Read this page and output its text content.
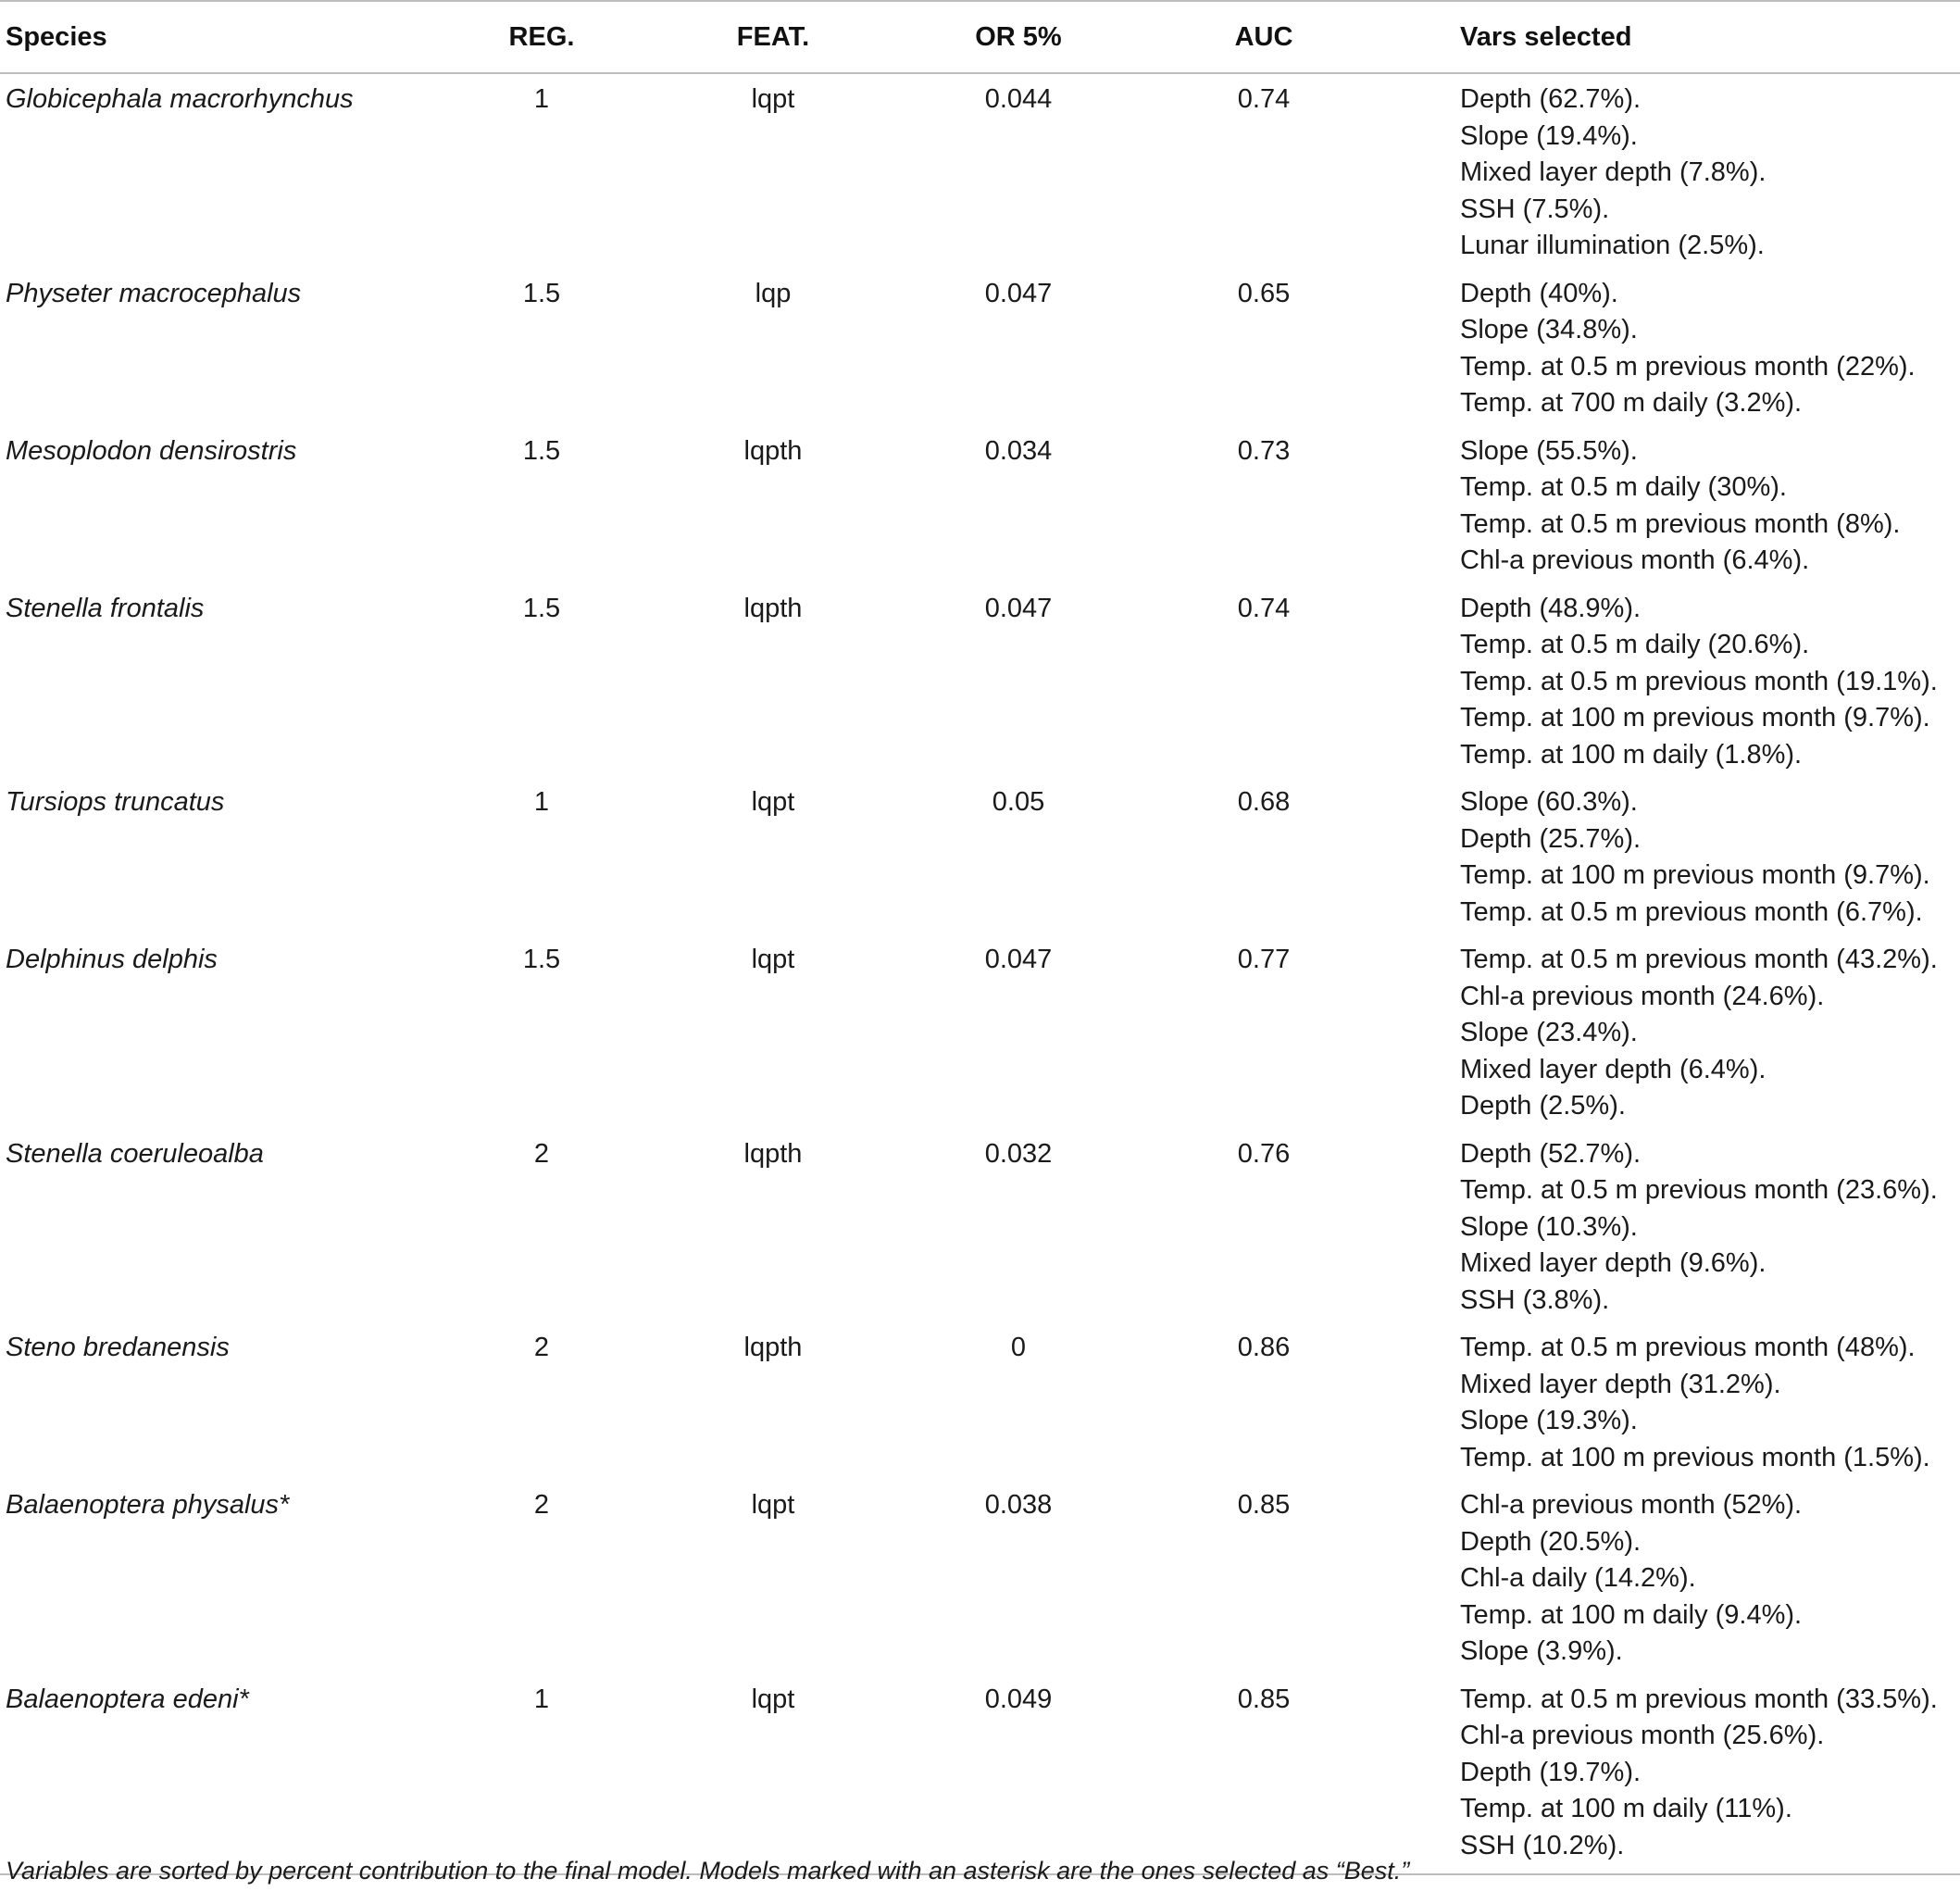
Species	REG.	FEAT.	OR 5%	AUC	Vars selected
Globicephala macrorhynchus	1	lqpt	0.044	0.74	Depth (62.7%).
Slope (19.4%).
Mixed layer depth (7.8%).
SSH (7.5%).
Lunar illumination (2.5%).

Physeter macrocephalus	1.5	lqp	0.047	0.65	Depth (40%).
Slope (34.8%).
Temp. at 0.5 m previous month (22%).
Temp. at 700 m daily (3.2%).

Mesoplodon densirostris	1.5	lqpth	0.034	0.73	Slope (55.5%).
Temp. at 0.5 m daily (30%).
Temp. at 0.5 m previous month (8%).
Chl-a previous month (6.4%).

Stenella frontalis	1.5	lqpth	0.047	0.74	Depth (48.9%).
Temp. at 0.5 m daily (20.6%).
Temp. at 0.5 m previous month (19.1%).
Temp. at 100 m previous month (9.7%).
Temp. at 100 m daily (1.8%).

Tursiops truncatus	1	lqpt	0.05	0.68	Slope (60.3%).
Depth (25.7%).
Temp. at 100 m previous month (9.7%).
Temp. at 0.5 m previous month (6.7%).

Delphinus delphis	1.5	lqpt	0.047	0.77	Temp. at 0.5 m previous month (43.2%).
Chl-a previous month (24.6%).
Slope (23.4%).
Mixed layer depth (6.4%).
Depth (2.5%).

Stenella coeruleoalba	2	lqpth	0.032	0.76	Depth (52.7%).
Temp. at 0.5 m previous month (23.6%).
Slope (10.3%).
Mixed layer depth (9.6%).
SSH (3.8%).

Steno bredanensis	2	lqpth	0	0.86	Temp. at 0.5 m previous month (48%).
Mixed layer depth (31.2%).
Slope (19.3%).
Temp. at 100 m previous month (1.5%).

Balaenoptera physalus*	2	lqpt	0.038	0.85	Chl-a previous month (52%).
Depth (20.5%).
Chl-a daily (14.2%).
Temp. at 100 m daily (9.4%).
Slope (3.9%).

Balaenoptera edeni*	1	lqpt	0.049	0.85	Temp. at 0.5 m previous month (33.5%).
Chl-a previous month (25.6%).
Depth (19.7%).
Temp. at 100 m daily (11%).
SSH (10.2%).
Variables are sorted by percent contribution to the final model. Models marked with an asterisk are the ones selected as “Best.”
